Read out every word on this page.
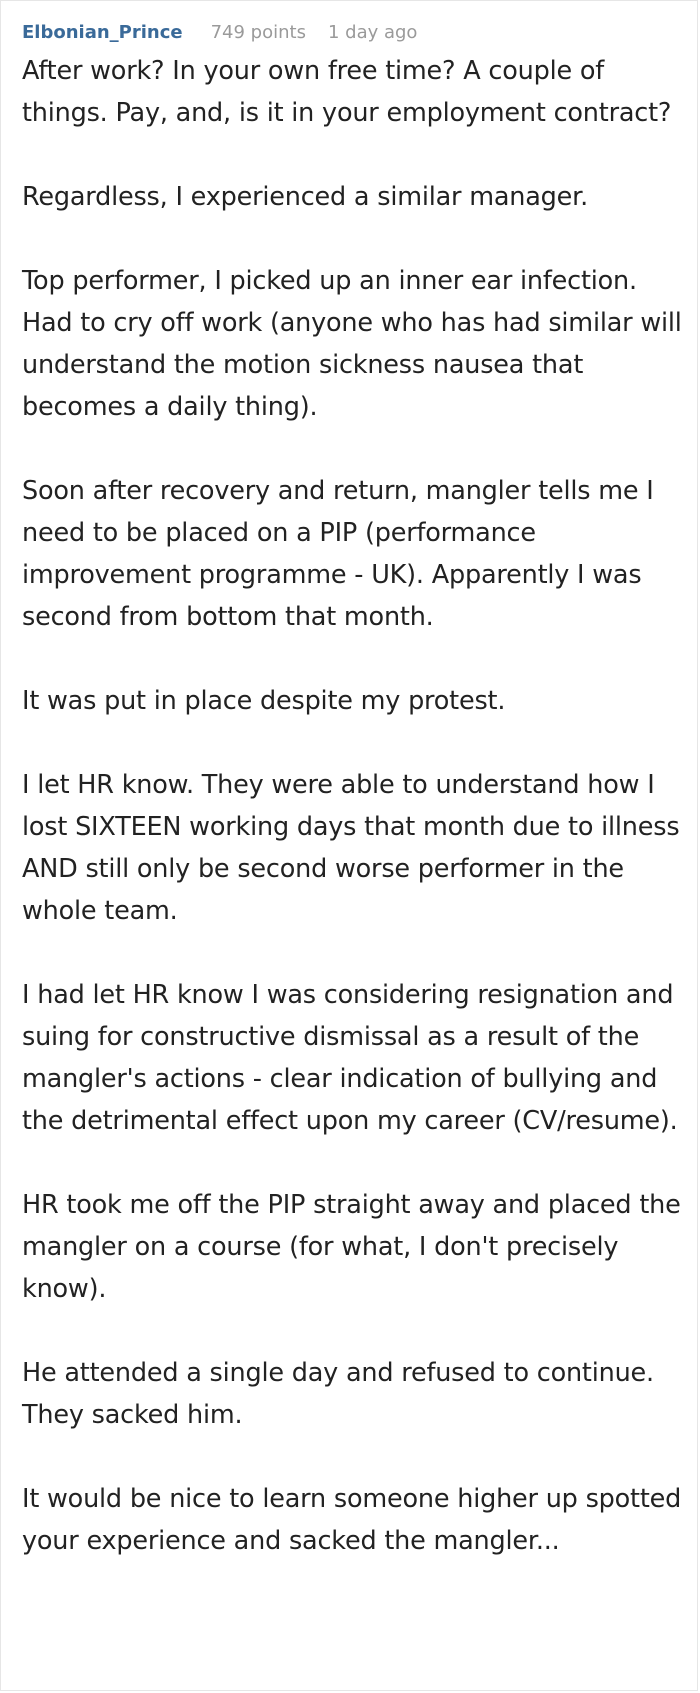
Elbonian_Prince 749 points 1 day ago

After work? In your own free time? A couple of things. Pay, and, is it in your employment contract?

Regardless, I experienced a similar manager.

Top performer, I picked up an inner ear infection. Had to cry off work (anyone who has had similar will understand the motion sickness nausea that becomes a daily thing).

Soon after recovery and return, mangler tells me I need to be placed on a PIP (performance improvement programme - UK). Apparently I was second from bottom that month.

It was put in place despite my protest.

I let HR know. They were able to understand how I lost SIXTEEN working days that month due to illness AND still only be second worse performer in the whole team.

I had let HR know I was considering resignation and suing for constructive dismissal as a result of the mangler's actions - clear indication of bullying and the detrimental effect upon my career (CV/resume).

HR took me off the PIP straight away and placed the mangler on a course (for what, I don't precisely know).

He attended a single day and refused to continue. They sacked him.

It would be nice to learn someone higher up spotted your experience and sacked the mangler...
